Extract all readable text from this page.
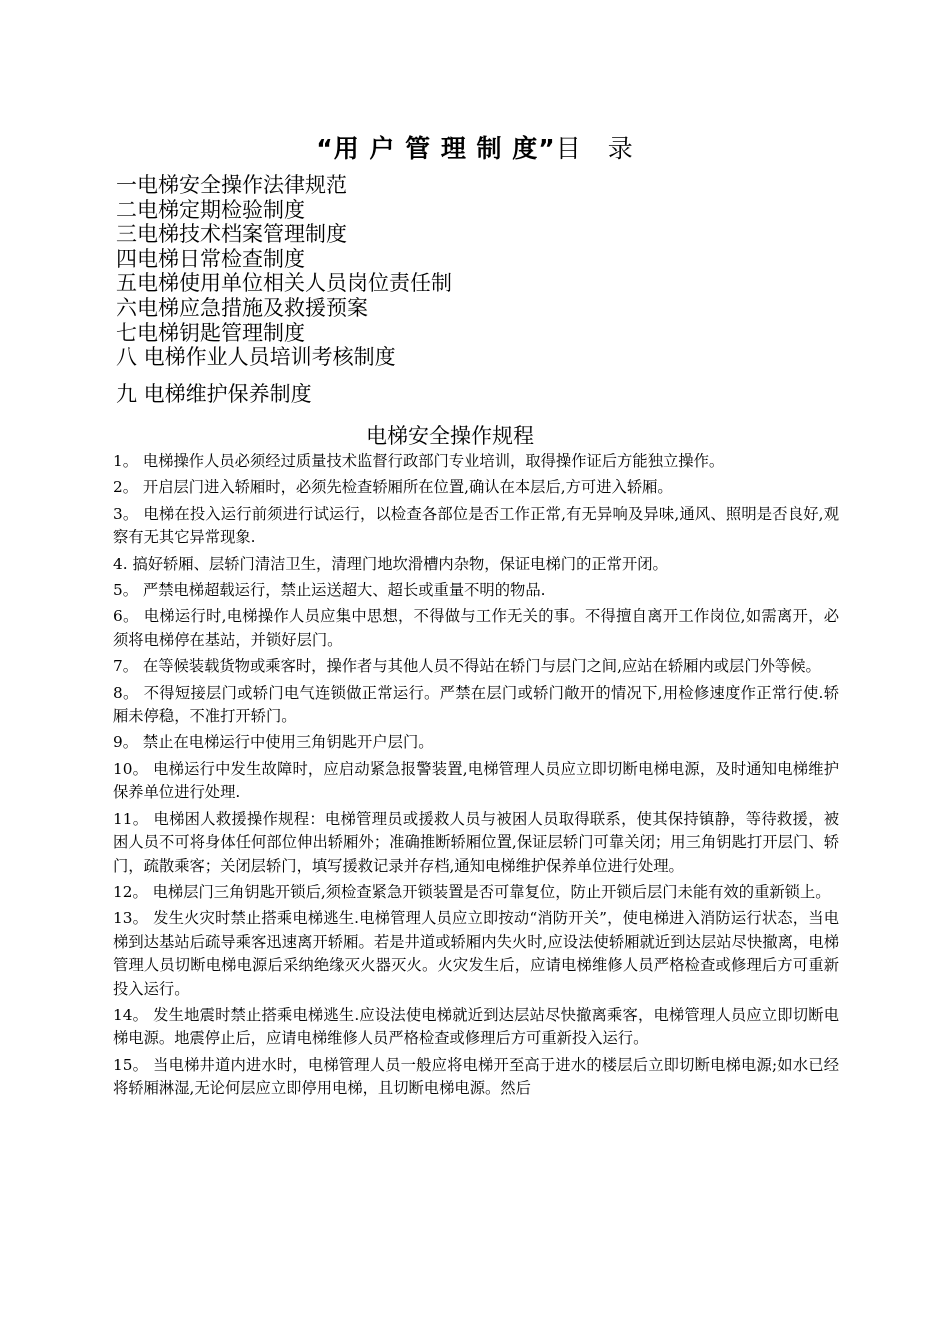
“用 户 管 理 制 度”目　录
一电梯安全操作法律规范
二电梯定期检验制度
三电梯技术档案管理制度
四电梯日常检查制度
五电梯使用单位相关人员岗位责任制
六电梯应急措施及救援预案
七电梯钥匙管理制度
八 电梯作业人员培训考核制度
九 电梯维护保养制度
电梯安全操作规程
1。 电梯操作人员必须经过质量技术监督行政部门专业培训，取得操作证后方能独立操作。
2。 开启层门进入轿厢时，必须先检查轿厢所在位置,确认在本层后,方可进入轿厢。
3。 电梯在投入运行前须进行试运行，以检查各部位是否工作正常,有无异响及异味,通风、照明是否良好,观察有无其它异常现象.
4. 搞好轿厢、层轿门清洁卫生，清理门地坎滑槽内杂物，保证电梯门的正常开闭。
5。 严禁电梯超载运行，禁止运送超大、超长或重量不明的物品.
6。 电梯运行时,电梯操作人员应集中思想，不得做与工作无关的事。不得擅自离开工作岗位,如需离开，必须将电梯停在基站，并锁好层门。
7。 在等候装载货物或乘客时，操作者与其他人员不得站在轿门与层门之间,应站在轿厢内或层门外等候。
8。 不得短接层门或轿门电气连锁做正常运行。严禁在层门或轿门敞开的情况下,用检修速度作正常行使.轿厢未停稳，不准打开轿门。
9。 禁止在电梯运行中使用三角钥匙开户层门。
10。 电梯运行中发生故障时，应启动紧急报警装置,电梯管理人员应立即切断电梯电源，及时通知电梯维护保养单位进行处理.
11。 电梯困人救援操作规程：电梯管理员或援救人员与被困人员取得联系，使其保持镇静，等待救援，被困人员不可将身体任何部位伸出轿厢外；准确推断轿厢位置,保证层轿门可靠关闭；用三角钥匙打开层门、轿门，疏散乘客；关闭层轿门，填写援救记录并存档,通知电梯维护保养单位进行处理。
12。 电梯层门三角钥匙开锁后,须检查紧急开锁装置是否可靠复位，防止开锁后层门未能有效的重新锁上。
13。 发生火灾时禁止搭乘电梯逃生.电梯管理人员应立即按动“消防开关”，使电梯进入消防运行状态，当电梯到达基站后疏导乘客迅速离开轿厢。若是井道或轿厢内失火时,应设法使轿厢就近到达层站尽快撤离，电梯管理人员切断电梯电源后采纳绝缘灭火器灭火。火灾发生后，应请电梯维修人员严格检查或修理后方可重新投入运行。
14。 发生地震时禁止搭乘电梯逃生.应设法使电梯就近到达层站尽快撤离乘客，电梯管理人员应立即切断电梯电源。地震停止后，应请电梯维修人员严格检查或修理后方可重新投入运行。
15。 当电梯井道内进水时，电梯管理人员一般应将电梯开至高于进水的楼层后立即切断电梯电源;如水已经将轿厢淋湿,无论何层应立即停用电梯，且切断电梯电源。然后
